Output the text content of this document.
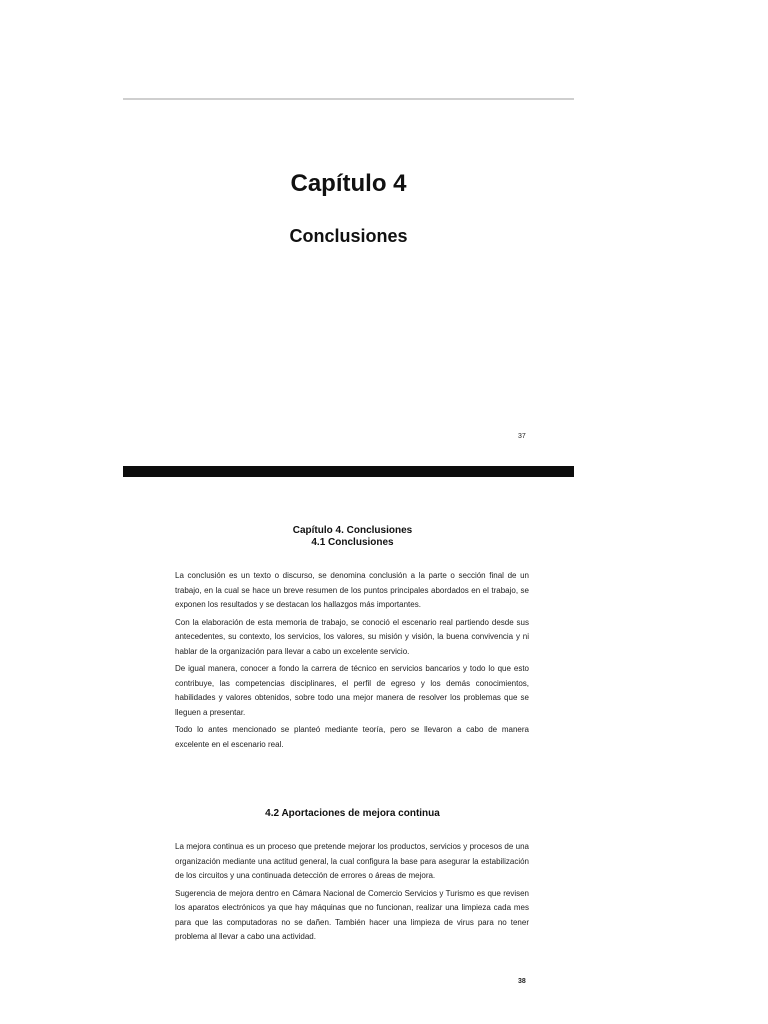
Capítulo 4
Conclusiones
37
Capítulo 4. Conclusiones
4.1 Conclusiones

La conclusión es un texto o discurso, se denomina conclusión a la parte o sección final de un trabajo, en la cual se hace un breve resumen de los puntos principales abordados en el trabajo, se exponen los resultados y se destacan los hallazgos más importantes.

Con la elaboración de esta memoria de trabajo, se conoció el escenario real partiendo desde sus antecedentes, su contexto, los servicios, los valores, su misión y visión, la buena convivencia y ni hablar de la organización para llevar a cabo un excelente servicio.

De igual manera, conocer a fondo la carrera de técnico en servicios bancarios y todo lo que esto contribuye, las competencias disciplinares, el perfil de egreso y los demás conocimientos, habilidades y valores obtenidos, sobre todo una mejor manera de resolver los problemas que se lleguen a presentar.

Todo lo antes mencionado se planteó mediante teoría, pero se llevaron a cabo de manera excelente en el escenario real.

4.2 Aportaciones de mejora continua

La mejora continua es un proceso que pretende mejorar los productos, servicios y procesos de una organización mediante una actitud general, la cual configura la base para asegurar la estabilización de los circuitos y una continuada detección de errores o áreas de mejora.

Sugerencia de mejora dentro en Cámara Nacional de Comercio Servicios y Turismo es que revisen los aparatos electrónicos ya que hay máquinas que no funcionan, realizar una limpieza cada mes para que las computadoras no se dañen. También hacer una limpieza de virus para no tener problema al llevar a cabo una actividad.

38
